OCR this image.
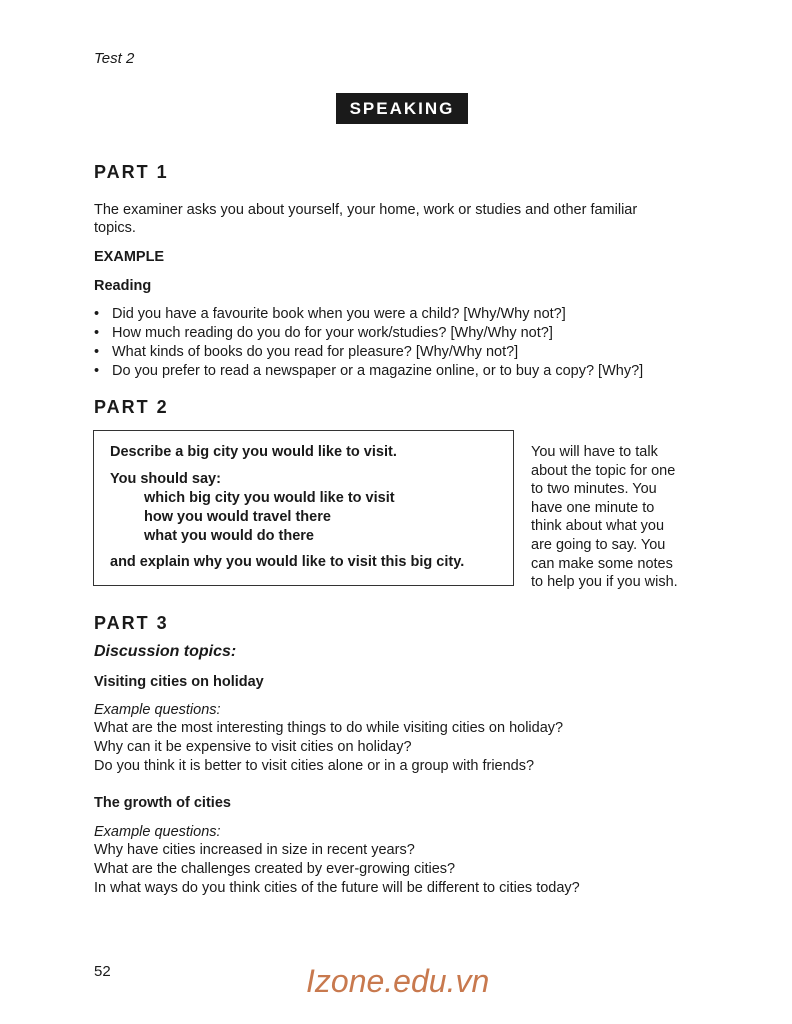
Test 2
SPEAKING
PART 1
The examiner asks you about yourself, your home, work or studies and other familiar
topics.
EXAMPLE
Reading
• Did you have a favourite book when you were a child? [Why/Why not?]
• How much reading do you do for your work/studies? [Why/Why not?]
• What kinds of books do you read for pleasure? [Why/Why not?]
• Do you prefer to read a newspaper or a magazine online, or to buy a copy? [Why?]
PART 2
Describe a big city you would like to visit.
You should say:
which big city you would like to visit
how you would travel there
what you would do there
and explain why you would like to visit this big city.
You will have to talk
about the topic for one
to two minutes. You
have one minute to
think about what you
are going to say. You
can make some notes
to help you if you wish.
PART 3
Discussion topics:
Visiting cities on holiday
Example questions:
What are the most interesting things to do while visiting cities on holiday?
Why can it be expensive to visit cities on holiday?
Do you think it is better to visit cities alone or in a group with friends?
The growth of cities
Example questions:
Why have cities increased in size in recent years?
What are the challenges created by ever-growing cities?
In what ways do you think cities of the future will be different to cities today?
52	Izone.edu.vn
